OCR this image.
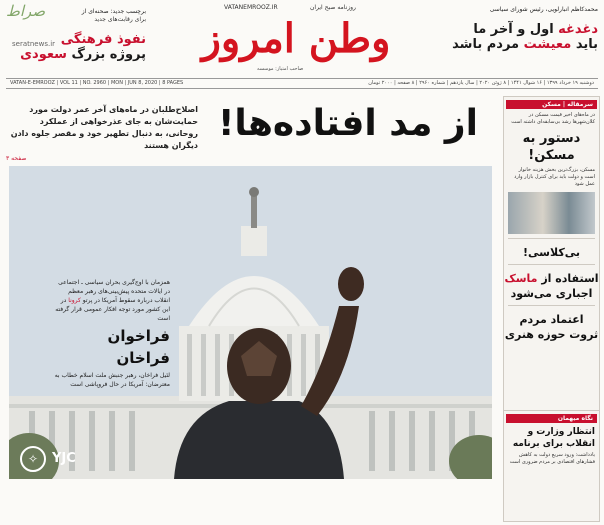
صراط
seratnews.ir
برچسب جدید: صحنه‌ای از
برای رقابت‌های جدید
نفوذ فرهنگی
پروژه بزرگ سعودی
VATANEMROOZ.IR	روزنامه صبح ایران
وطن امروز
صاحب امتیاز: موسسه
محمدکاظم انبارلویی، رئیس شورای سیاسی
دغدغه اول و آخر ما
باید معیشت مردم باشد
VATAN-E-EMROOZ | VOL 11 | NO. 2960 | MON | JUN 8, 2020 | 8 PAGES	دوشنبه ۱۹ خرداد ۱۳۹۹ | ۱۶ شوال ۱۴۴۱ | ۸ ژوئن ۲۰۲۰ | سال یازدهم | شماره ۲۹۶۰ | ۸ صفحه | ۲۰۰۰ تومان
از مد افتاده‌ها!
اصلاح‌طلبان در ماه‌های آخر عمر دولت مورد حمایت‌شان به جای عذرخواهی از عملکرد روحانی، به دنبال تطهیر خود و مقصر جلوه دادن دیگران هستند
صفحه ۳
همزمان با اوج‌گیری بحران سیاسی ـ اجتماعی در ایالات متحده پیش‌بینی‌های رهبر معظم انقلاب درباره سقوط آمریکا در پرتو کرونا در این کشور مورد توجه افکار عمومی قرار گرفته است
فراخوان فراخان
لئیل فراخان، رهبر جنبش ملت اسلام خطاب به معترضان: آمریکا در حال فروپاشی است
✧	YJC
سرمقاله | مسکن
در ماه‌های اخیر قیمت مسکن در کلان‌شهرها رشد بی‌سابقه‌ای داشته است
دستور به مسکن!
مسکن، بزرگ‌ترین بخش هزینه خانوار است و دولت باید برای کنترل بازار وارد عمل شود
بی‌کلاسی!
استفاده از ماسک اجباری می‌شود
اعتماد مردم ثروت حوزه هنری
نگاه میهمان
انتظار وزارت و انقلاب برای برنامه
یادداشت: ورود سریع دولت به کاهش فشارهای اقتصادی بر مردم ضروری است
